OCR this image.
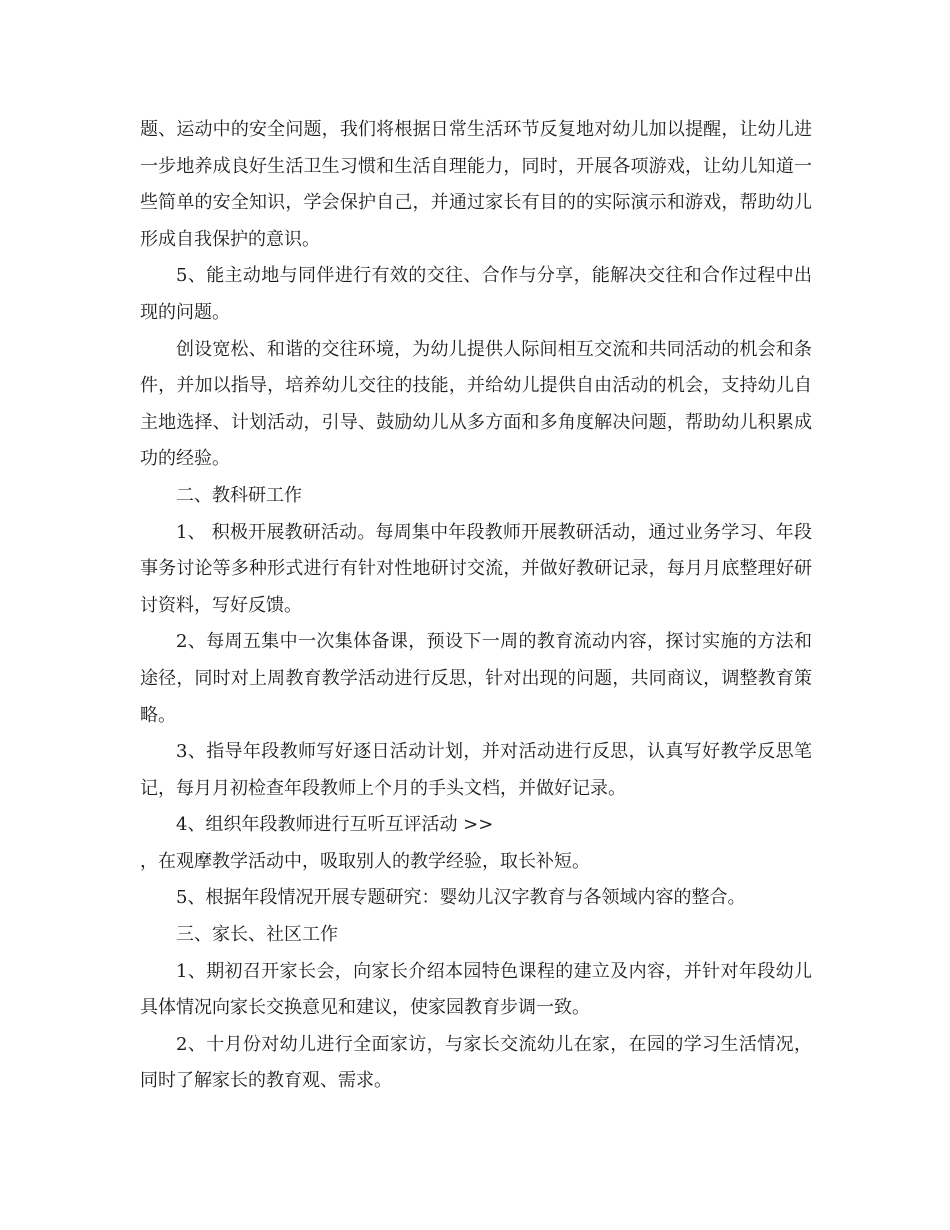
题、运动中的安全问题，我们将根据日常生活环节反复地对幼儿加以提醒，让幼儿进一步地养成良好生活卫生习惯和生活自理能力，同时，开展各项游戏，让幼儿知道一些简单的安全知识，学会保护自己，并通过家长有目的的实际演示和游戏，帮助幼儿形成自我保护的意识。

5、能主动地与同伴进行有效的交往、合作与分享，能解决交往和合作过程中出现的问题。

创设宽松、和谐的交往环境，为幼儿提供人际间相互交流和共同活动的机会和条件，并加以指导，培养幼儿交往的技能，并给幼儿提供自由活动的机会，支持幼儿自主地选择、计划活动，引导、鼓励幼儿从多方面和多角度解决问题，帮助幼儿积累成功的经验。

二、教科研工作

1、 积极开展教研活动。每周集中年段教师开展教研活动，通过业务学习、年段事务讨论等多种形式进行有针对性地研讨交流，并做好教研记录，每月月底整理好研讨资料，写好反馈。

2、每周五集中一次集体备课，预设下一周的教育流动内容，探讨实施的方法和途径，同时对上周教育教学活动进行反思，针对出现的问题，共同商议，调整教育策略。

3、指导年段教师写好逐日活动计划，并对活动进行反思，认真写好教学反思笔记，每月月初检查年段教师上个月的手头文档，并做好记录。

4、组织年段教师进行互听互评活动 >>

，在观摩教学活动中，吸取别人的教学经验，取长补短。

5、根据年段情况开展专题研究：婴幼儿汉字教育与各领域内容的整合。

三、家长、社区工作

1、期初召开家长会，向家长介绍本园特色课程的建立及内容，并针对年段幼儿具体情况向家长交换意见和建议，使家园教育步调一致。

2、十月份对幼儿进行全面家访，与家长交流幼儿在家，在园的学习生活情况，同时了解家长的教育观、需求。
